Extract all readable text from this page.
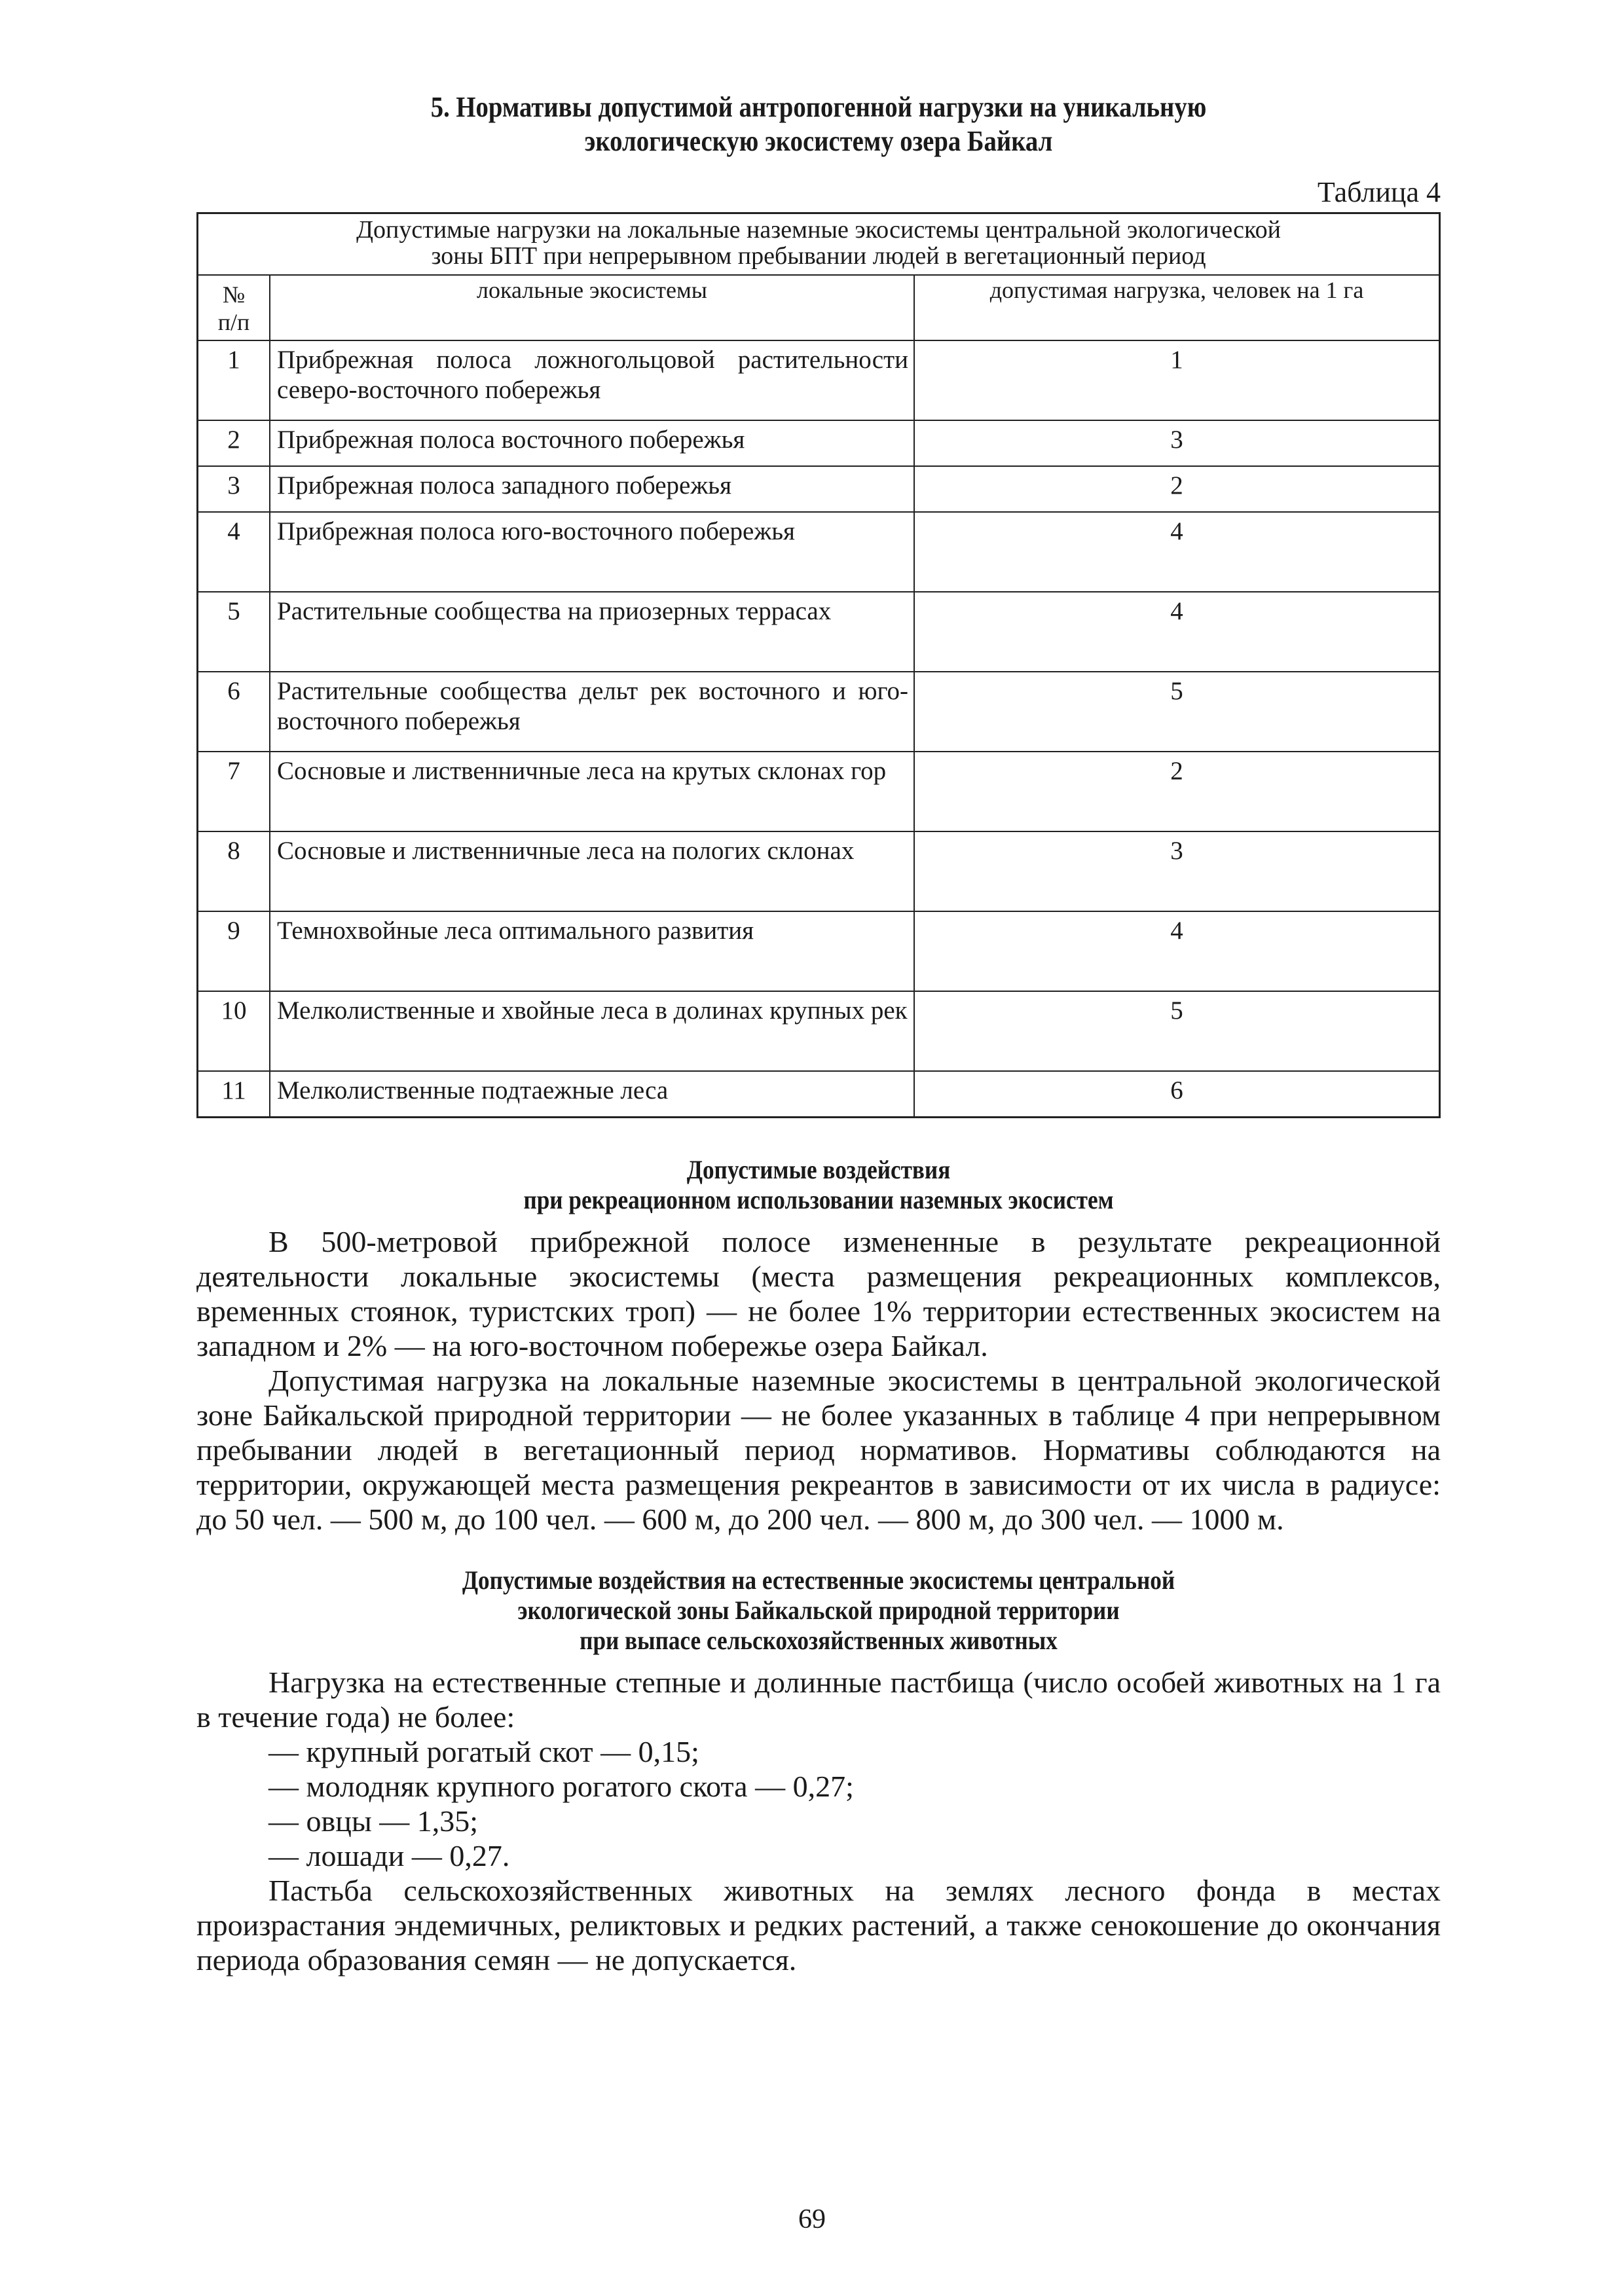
5. Нормативы допустимой антропогенной нагрузки на уникальную
экологическую экосистему озера Байкал
Таблица 4
Допустимые нагрузки на локальные наземные экосистемы центральной экологической
зоны БПТ при непрерывном пребывании людей в вегетационный период		

№
п/п	локальные экосистемы	допустимая нагрузка, человек на 1 га
1	Прибрежная полоса ложногольцовой растительности северо-восточного побережья	1
2	Прибрежная полоса восточного побережья	3
3	Прибрежная полоса западного побережья	2
4	Прибрежная полоса юго-восточного побережья	4
5	Растительные сообщества на приозерных террасах	4
6	Растительные сообщества дельт рек восточного и юго-восточного побережья	5
7	Сосновые и лиственничные леса на крутых склонах гор	2
8	Сосновые и лиственничные леса на пологих склонах	3
9	Темнохвойные леса оптимального развития	4
10	Мелколиственные и хвойные леса в долинах крупных рек	5
11	Мелколиственные подтаежные леса	6
Допустимые воздействия
при рекреационном использовании наземных экосистем

В 500-метровой прибрежной полосе измененные в результате рекреационной деятельности локальные экосистемы (места размещения рекреационных комплексов, временных стоянок, туристских троп) — не более 1% территории естественных экосистем на западном и 2% — на юго-восточном побережье озера Байкал.

Допустимая нагрузка на локальные наземные экосистемы в центральной экологической зоне Байкальской природной территории — не более указанных в таблице 4 при непрерывном пребывании людей в вегетационный период нормативов. Нормативы соблюдаются на территории, окружающей места размещения рекреантов в зависимости от их числа в радиусе: до 50 чел. — 500 м, до 100 чел. — 600 м, до 200 чел. — 800 м, до 300 чел. — 1000 м.

Допустимые воздействия на естественные экосистемы центральной
экологической зоны Байкальской природной территории
при выпасе сельскохозяйственных животных

Нагрузка на естественные степные и долинные пастбища (число особей животных на 1 га в течение года) не более:

— крупный рогатый скот — 0,15;
— молодняк крупного рогатого скота — 0,27;
— овцы — 1,35;
— лошади — 0,27.

Пастьба сельскохозяйственных животных на землях лесного фонда в местах произрастания эндемичных, реликтовых и редких растений, а также сенокошение до окончания периода образования семян — не допускается.

69
